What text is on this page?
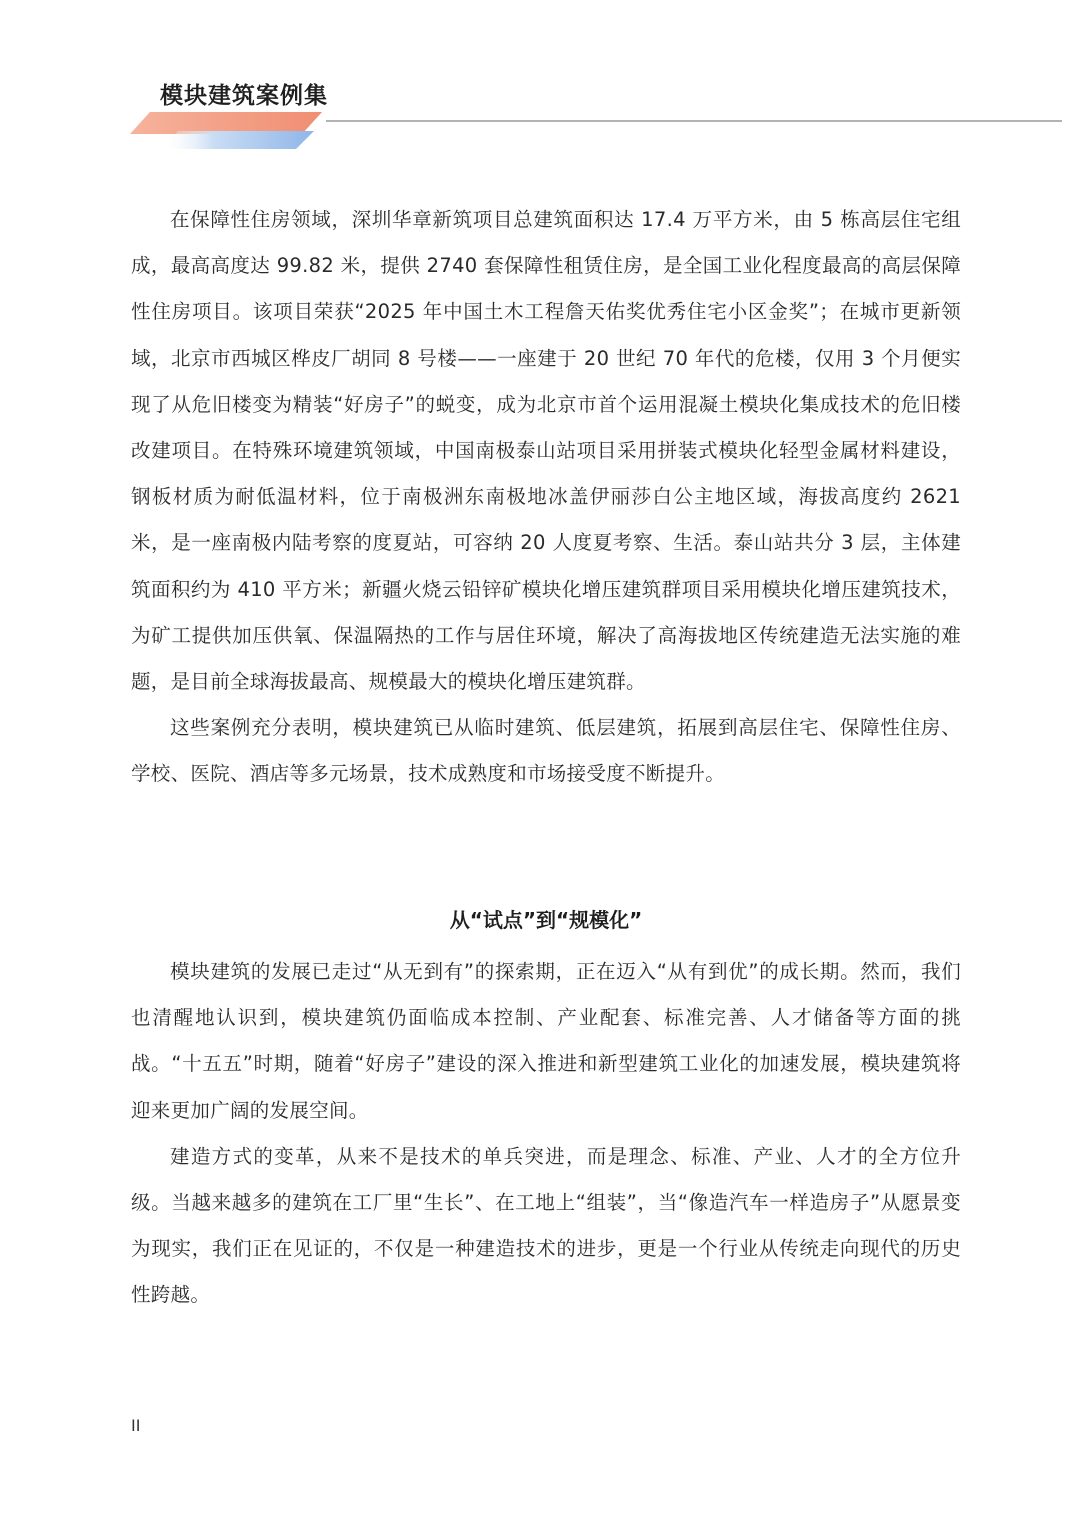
模块建筑案例集

在保障性住房领域，深圳华章新筑项目总建筑面积达 17.4 万平方米，由 5 栋高层住宅组成，最高高度达 99.82 米，提供 2740 套保障性租赁住房，是全国工业化程度最高的高层保障性住房项目。该项目荣获“2025 年中国土木工程詹天佑奖优秀住宅小区金奖”；在城市更新领域，北京市西城区桦皮厂胡同 8 号楼——一座建于 20 世纪 70 年代的危楼，仅用 3 个月便实现了从危旧楼变为精装“好房子”的蜕变，成为北京市首个运用混凝土模块化集成技术的危旧楼改建项目。在特殊环境建筑领域，中国南极泰山站项目采用拼装式模块化轻型金属材料建设，钢板材质为耐低温材料，位于南极洲东南极地冰盖伊丽莎白公主地区域，海拔高度约 2621 米，是一座南极内陆考察的度夏站，可容纳 20 人度夏考察、生活。泰山站共分 3 层，主体建筑面积约为 410 平方米；新疆火烧云铅锌矿模块化增压建筑群项目采用模块化增压建筑技术，为矿工提供加压供氧、保温隔热的工作与居住环境，解决了高海拔地区传统建造无法实施的难题，是目前全球海拔最高、规模最大的模块化增压建筑群。

这些案例充分表明，模块建筑已从临时建筑、低层建筑，拓展到高层住宅、保障性住房、学校、医院、酒店等多元场景，技术成熟度和市场接受度不断提升。

从“试点”到“规模化”

模块建筑的发展已走过“从无到有”的探索期，正在迈入“从有到优”的成长期。然而，我们也清醒地认识到，模块建筑仍面临成本控制、产业配套、标准完善、人才储备等方面的挑战。“十五五”时期，随着“好房子”建设的深入推进和新型建筑工业化的加速发展，模块建筑将迎来更加广阔的发展空间。

建造方式的变革，从来不是技术的单兵突进，而是理念、标准、产业、人才的全方位升级。当越来越多的建筑在工厂里“生长”、在工地上“组装”，当“像造汽车一样造房子”从愿景变为现实，我们正在见证的，不仅是一种建造技术的进步，更是一个行业从传统走向现代的历史性跨越。

II
